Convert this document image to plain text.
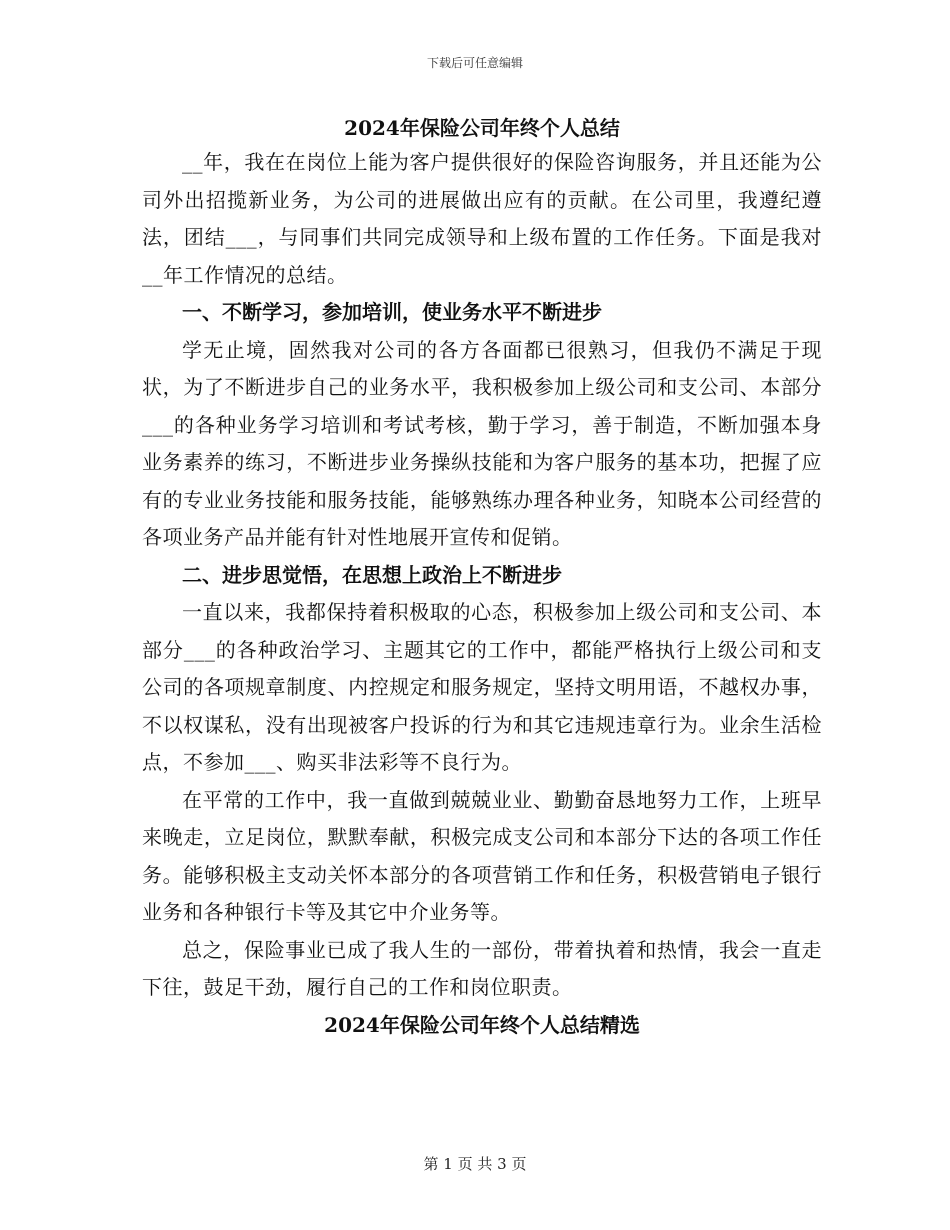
下载后可任意编辑

2024年保险公司年终个人总结

__年，我在在岗位上能为客户提供很好的保险咨询服务，并且还能为公司外出招揽新业务，为公司的进展做出应有的贡献。在公司里，我遵纪遵法，团结___，与同事们共同完成领导和上级布置的工作任务。下面是我对__年工作情况的总结。

一、不断学习，参加培训，使业务水平不断进步

学无止境，固然我对公司的各方各面都已很熟习，但我仍不满足于现状，为了不断进步自己的业务水平，我积极参加上级公司和支公司、本部分___的各种业务学习培训和考试考核，勤于学习，善于制造，不断加强本身业务素养的练习，不断进步业务操纵技能和为客户服务的基本功，把握了应有的专业业务技能和服务技能，能够熟练办理各种业务，知晓本公司经营的各项业务产品并能有针对性地展开宣传和促销。

二、进步思觉悟，在思想上政治上不断进步

一直以来，我都保持着积极取的心态，积极参加上级公司和支公司、本部分___的各种政治学习、主题其它的工作中，都能严格执行上级公司和支公司的各项规章制度、内控规定和服务规定，坚持文明用语，不越权办事，不以权谋私，没有出现被客户投诉的行为和其它违规违章行为。业余生活检点，不参加___、购买非法彩等不良行为。

在平常的工作中，我一直做到兢兢业业、勤勤奋恳地努力工作，上班早来晚走，立足岗位，默默奉献，积极完成支公司和本部分下达的各项工作任务。能够积极主支动关怀本部分的各项营销工作和任务，积极营销电子银行业务和各种银行卡等及其它中介业务等。

总之，保险事业已成了我人生的一部份，带着执着和热情，我会一直走下往，鼓足干劲，履行自己的工作和岗位职责。

2024年保险公司年终个人总结精选

第 1 页 共 3 页
